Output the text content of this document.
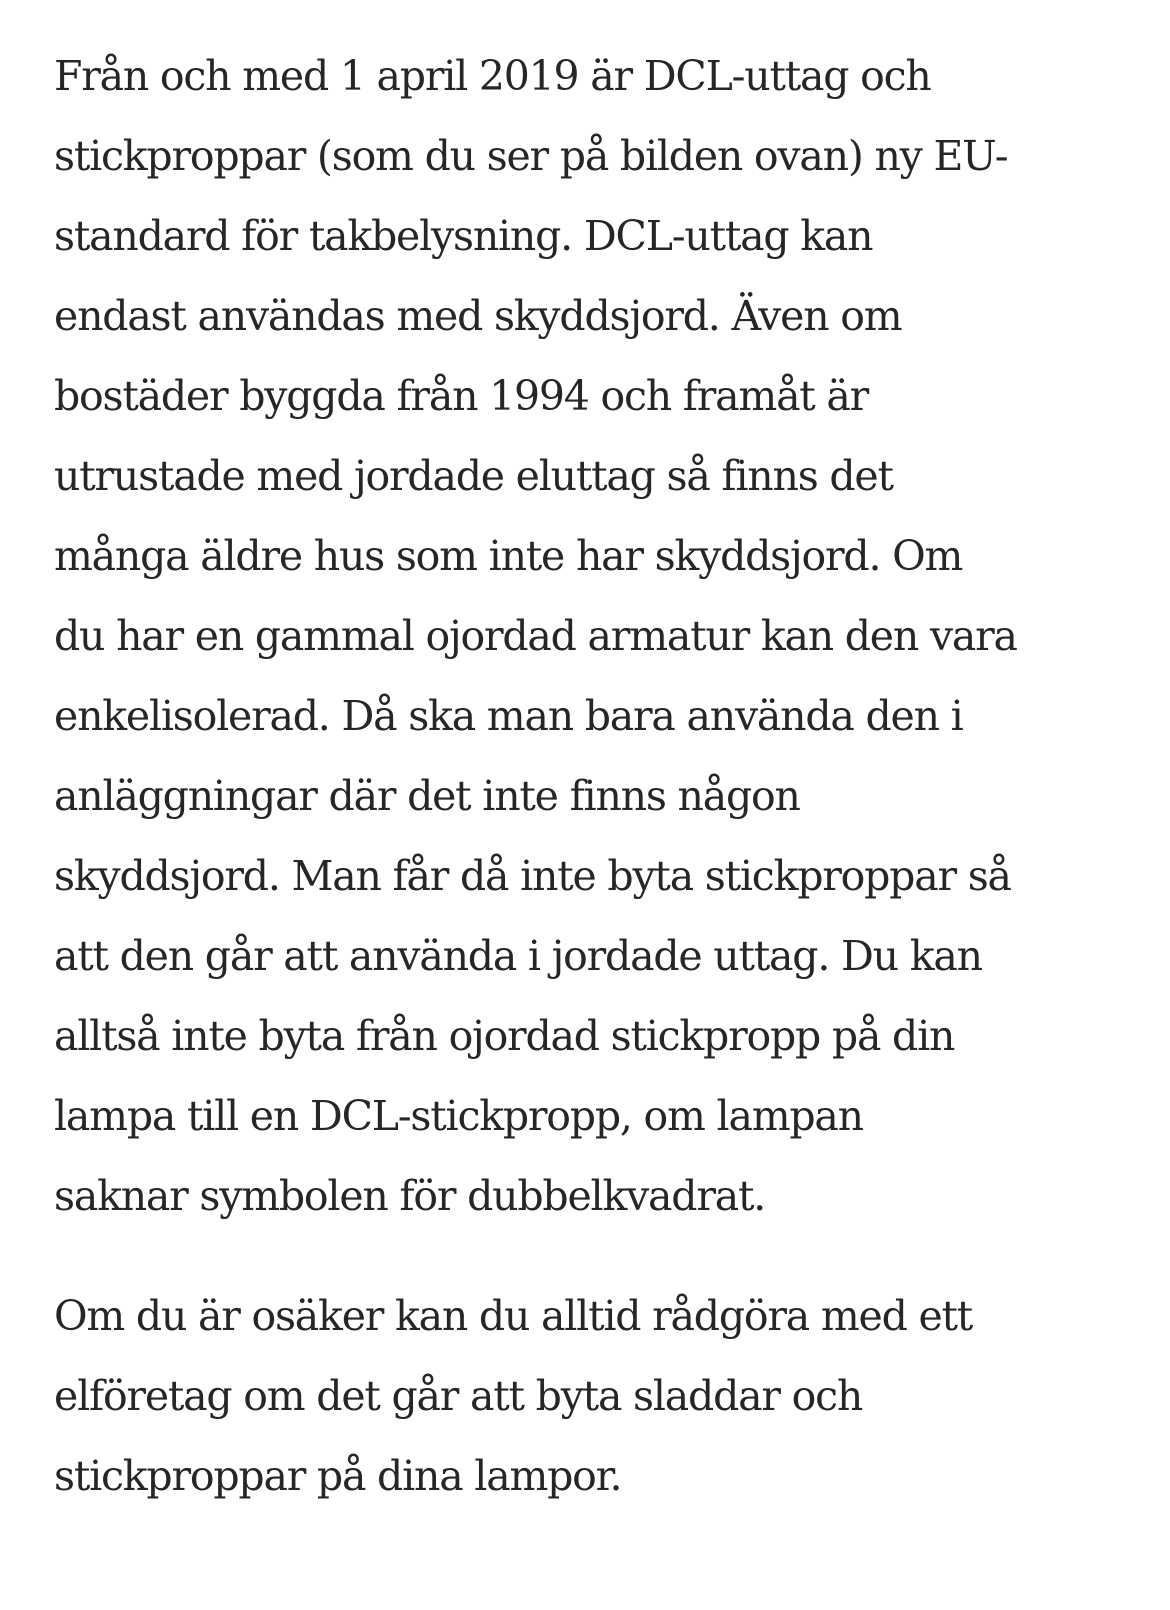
Från och med 1 april 2019 är DCL-uttag och
stickproppar (som du ser på bilden ovan) ny EU-
standard för takbelysning. DCL-uttag kan
endast användas med skyddsjord. Även om
bostäder byggda från 1994 och framåt är
utrustade med jordade eluttag så finns det
många äldre hus som inte har skyddsjord. Om
du har en gammal ojordad armatur kan den vara
enkelisolerad. Då ska man bara använda den i
anläggningar där det inte finns någon
skyddsjord. Man får då inte byta stickproppar så
att den går att använda i jordade uttag. Du kan
alltså inte byta från ojordad stickpropp på din
lampa till en DCL-stickpropp, om lampan
saknar symbolen för dubbelkvadrat.

Om du är osäker kan du alltid rådgöra med ett
elföretag om det går att byta sladdar och
stickproppar på dina lampor.
